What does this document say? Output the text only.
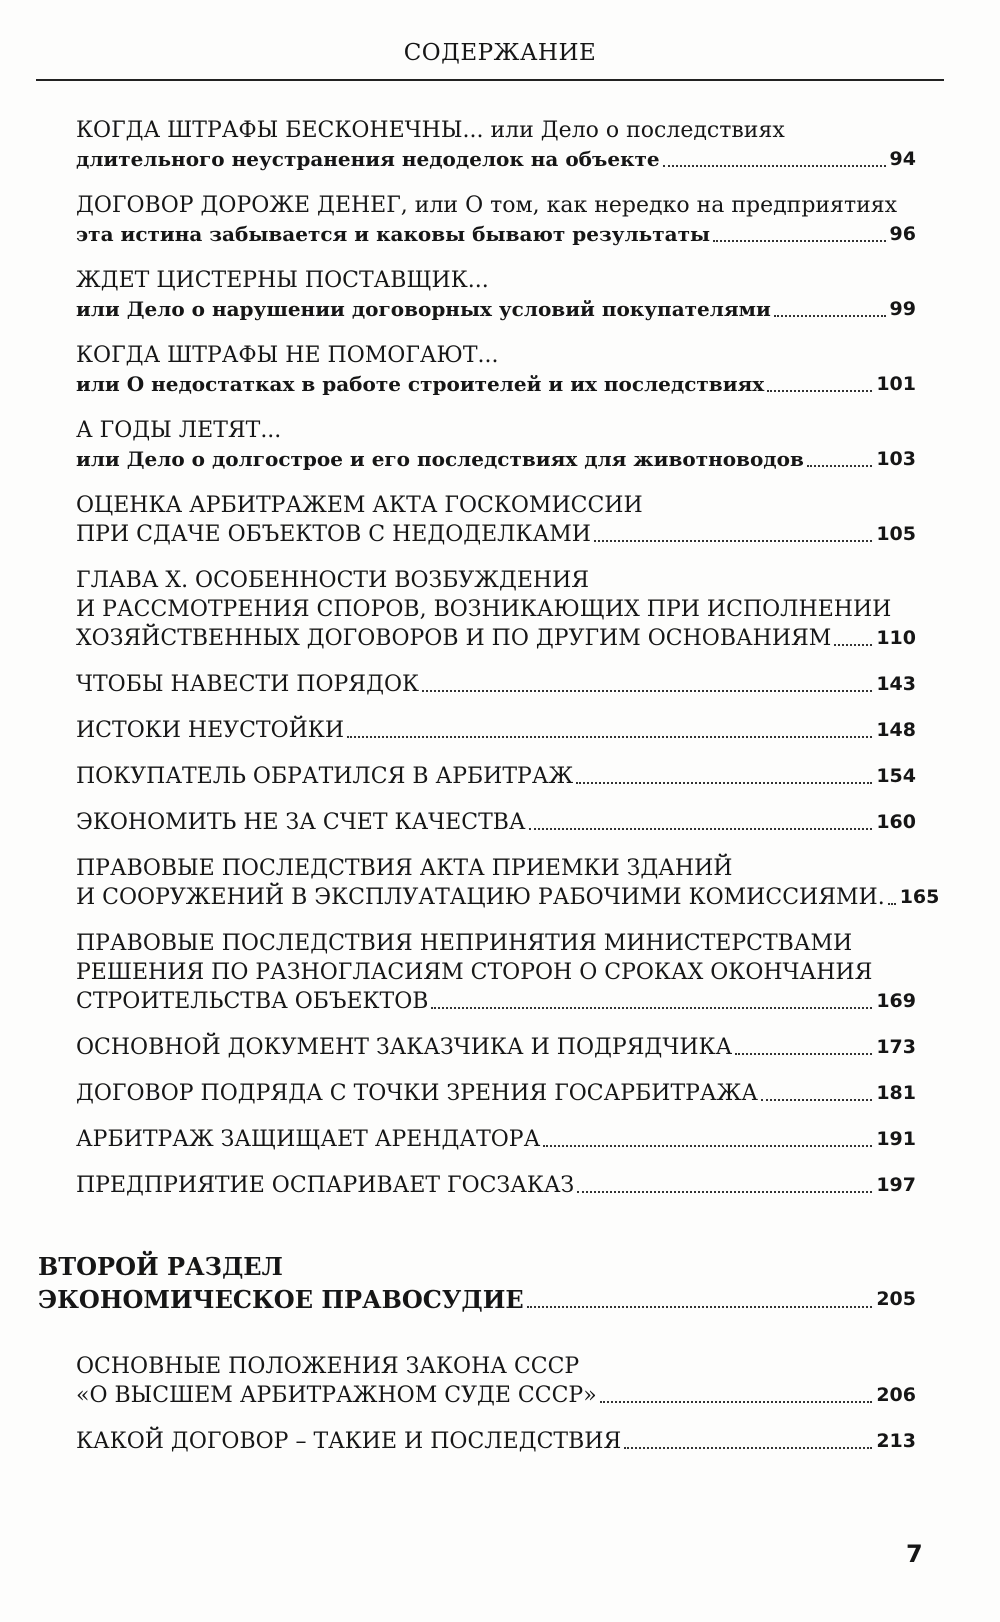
СОДЕРЖАНИЕ
КОГДА ШТРАФЫ БЕСКОНЕЧНЫ... или Дело о последствиях
длительного неустранения недоделок на объекте	94
ДОГОВОР ДОРОЖЕ ДЕНЕГ, или О том, как нередко на предприятиях
эта истина забывается и каковы бывают результаты	96
ЖДЕТ ЦИСТЕРНЫ ПОСТАВЩИК...
или Дело о нарушении договорных условий покупателями	99
КОГДА ШТРАФЫ НЕ ПОМОГАЮТ...
или О недостатках в работе строителей и их последствиях	101
А ГОДЫ ЛЕТЯТ...
или Дело о долгострое и его последствиях для животноводов	103
ОЦЕНКА АРБИТРАЖЕМ АКТА ГОСКОМИССИИ
ПРИ СДАЧЕ ОБЪЕКТОВ С НЕДОДЕЛКАМИ	105
ГЛАВА X. ОСОБЕННОСТИ ВОЗБУЖДЕНИЯ
И РАССМОТРЕНИЯ СПОРОВ, ВОЗНИКАЮЩИХ ПРИ ИСПОЛНЕНИИ
ХОЗЯЙСТВЕННЫХ ДОГОВОРОВ И ПО ДРУГИМ ОСНОВАНИЯМ 110
ЧТОБЫ НАВЕСТИ ПОРЯДОК	143
ИСТОКИ НЕУСТОЙКИ	148
ПОКУПАТЕЛЬ ОБРАТИЛСЯ В АРБИТРАЖ	154
ЭКОНОМИТЬ НЕ ЗА СЧЕТ КАЧЕСТВА	160
ПРАВОВЫЕ ПОСЛЕДСТВИЯ АКТА ПРИЕМКИ ЗДАНИЙ
И СООРУЖЕНИЙ В ЭКСПЛУАТАЦИЮ РАБОЧИМИ КОМИССИЯМИ. 165
ПРАВОВЫЕ ПОСЛЕДСТВИЯ НЕПРИНЯТИЯ МИНИСТЕРСТВАМИ
РЕШЕНИЯ ПО РАЗНОГЛАСИЯМ СТОРОН О СРОКАХ ОКОНЧАНИЯ
СТРОИТЕЛЬСТВА ОБЪЕКТОВ	169
ОСНОВНОЙ ДОКУМЕНТ ЗАКАЗЧИКА И ПОДРЯДЧИКА	173
ДОГОВОР ПОДРЯДА С ТОЧКИ ЗРЕНИЯ ГОСАРБИТРАЖА	181
АРБИТРАЖ ЗАЩИЩАЕТ АРЕНДАТОРА	191
ПРЕДПРИЯТИЕ ОСПАРИВАЕТ ГОСЗАКАЗ	197
ВТОРОЙ РАЗДЕЛ
ЭКОНОМИЧЕСКОЕ ПРАВОСУДИЕ	205
ОСНОВНЫЕ ПОЛОЖЕНИЯ ЗАКОНА СССР
«О ВЫСШЕМ АРБИТРАЖНОМ СУДЕ СССР»	206
КАКОЙ ДОГОВОР – ТАКИЕ И ПОСЛЕДСТВИЯ	213
7
